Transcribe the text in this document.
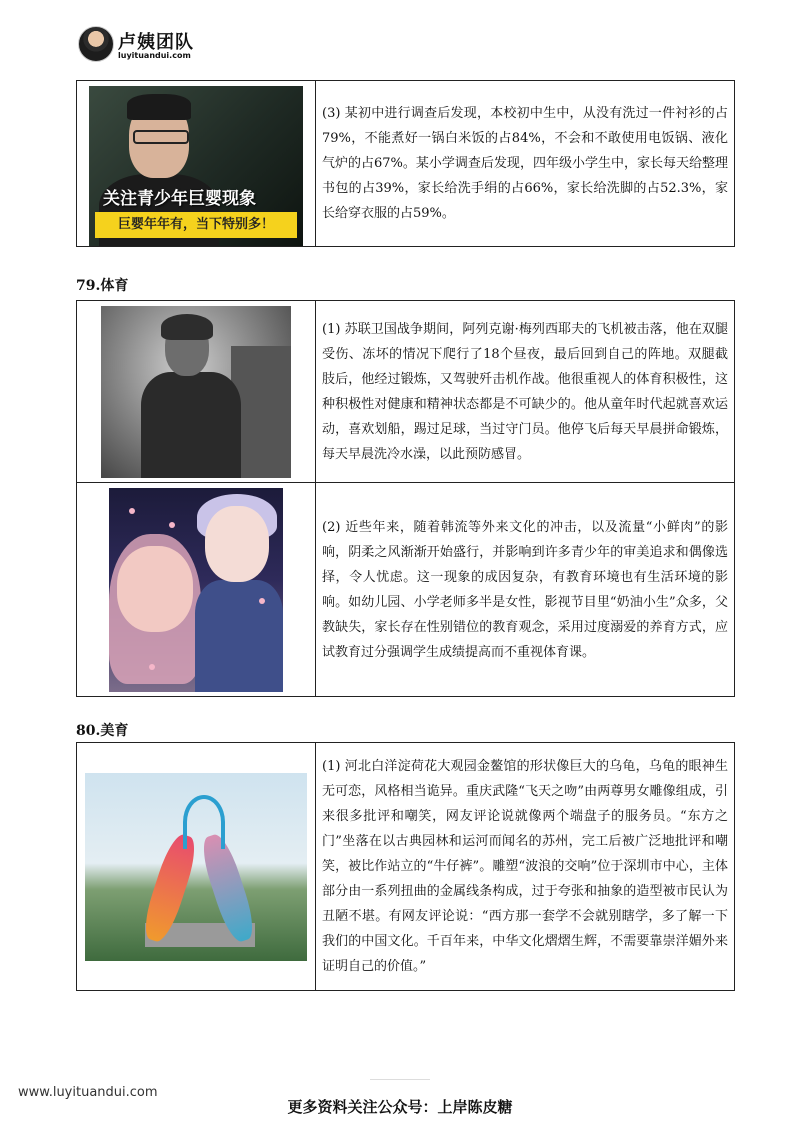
卢姨团队
luyituandui.com
关注青少年巨婴现象
巨婴年年有，当下特别多！
	(3) 某初中进行调查后发现，本校初中生中，从没有洗过一件衬衫的占79%，不能煮好一锅白米饭的占84%，不会和不敢使用电饭锅、液化气炉的占67%。某小学调查后发现，四年级小学生中，家长每天给整理书包的占39%，家长给洗手绢的占66%，家长给洗脚的占52.3%，家长给穿衣服的占59%。
79.体育
	(1) 苏联卫国战争期间，阿列克谢·梅列西耶夫的飞机被击落，他在双腿受伤、冻坏的情况下爬行了18个昼夜，最后回到自己的阵地。双腿截肢后，他经过锻炼，又驾驶歼击机作战。他很重视人的体育积极性，这种积极性对健康和精神状态都是不可缺少的。他从童年时代起就喜欢运动，喜欢划船，踢过足球，当过守门员。他停飞后每天早晨拼命锻炼，每天早晨洗冷水澡，以此预防感冒。

	(2) 近些年来，随着韩流等外来文化的冲击，以及流量“小鲜肉”的影响，阴柔之风渐渐开始盛行，并影响到许多青少年的审美追求和偶像选择，令人忧虑。这一现象的成因复杂，有教育环境也有生活环境的影响。如幼儿园、小学老师多半是女性，影视节目里“奶油小生”众多，父教缺失，家长存在性别错位的教育观念，采用过度溺爱的养育方式，应试教育过分强调学生成绩提高而不重视体育课。
80.美育
	(1) 河北白洋淀荷花大观园金鳌馆的形状像巨大的乌龟，乌龟的眼神生无可恋，风格相当诡异。重庆武隆“飞天之吻”由两尊男女雕像组成，引来很多批评和嘲笑，网友评论说就像两个端盘子的服务员。“东方之门”坐落在以古典园林和运河而闻名的苏州，完工后被广泛地批评和嘲笑，被比作站立的“牛仔裤”。雕塑“波浪的交响”位于深圳市中心，主体部分由一系列扭曲的金属线条构成，过于夸张和抽象的造型被市民认为丑陋不堪。有网友评论说：“西方那一套学不会就别瞎学，多了解一下我们的中国文化。千百年来，中华文化熠熠生辉，不需要靠崇洋媚外来证明自己的价值。”
www.luyituandui.com
更多资料关注公众号：上岸陈皮糖
